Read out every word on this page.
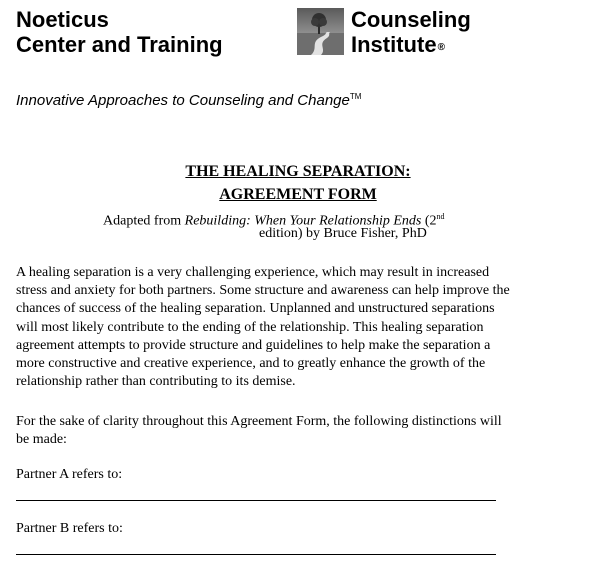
Noeticus
Center and Training
Counseling
Institute®
Innovative Approaches to Counseling and Change™
THE HEALING SEPARATION:
AGREEMENT FORM
Adapted from Rebuilding: When Your Relationship Ends (2nd
edition) by Bruce Fisher, PhD
A healing separation is a very challenging experience, which may result in increased
stress and anxiety for both partners. Some structure and awareness can help improve the
chances of success of the healing separation. Unplanned and unstructured separations
will most likely contribute to the ending of the relationship. This healing separation
agreement attempts to provide structure and guidelines to help make the separation a
more constructive and creative experience, and to greatly enhance the growth of the
relationship rather than contributing to its demise.
For the sake of clarity throughout this Agreement Form, the following distinctions will
be made:
Partner A refers to:
Partner B refers to:
